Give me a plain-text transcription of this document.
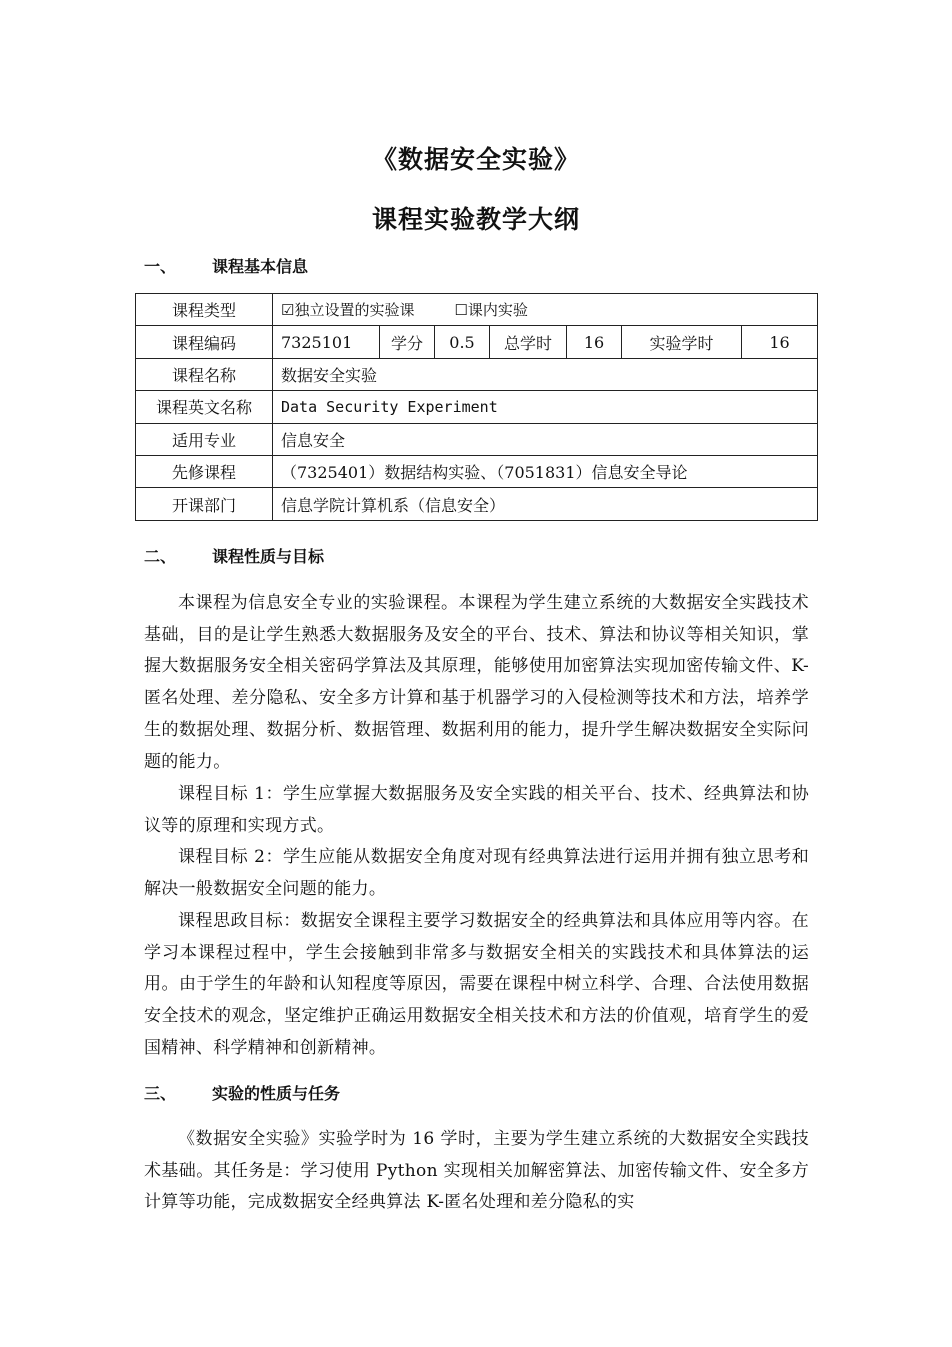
《数据安全实验》
课程实验教学大纲
一、 课程基本信息
课程类型	☑独立设置的实验课 ☐课内实验						
课程编码	7325101	学分	0.5	总学时	16	实验学时	16
课程名称	数据安全实验						
课程英文名称	Data Security Experiment						
适用专业	信息安全						
先修课程	（7325401）数据结构实验、（7051831）信息安全导论						
开课部门	信息学院计算机系（信息安全）						
二、 课程性质与目标

本课程为信息安全专业的实验课程。本课程为学生建立系统的大数据安全实践技术基础，目的是让学生熟悉大数据服务及安全的平台、技术、算法和协议等相关知识，掌握大数据服务安全相关密码学算法及其原理，能够使用加密算法实现加密传输文件、K-匿名处理、差分隐私、安全多方计算和基于机器学习的入侵检测等技术和方法，培养学生的数据处理、数据分析、数据管理、数据利用的能力，提升学生解决数据安全实际问题的能力。

课程目标 1：学生应掌握大数据服务及安全实践的相关平台、技术、经典算法和协议等的原理和实现方式。

课程目标 2：学生应能从数据安全角度对现有经典算法进行运用并拥有独立思考和解决一般数据安全问题的能力。

课程思政目标：数据安全课程主要学习数据安全的经典算法和具体应用等内容。在学习本课程过程中，学生会接触到非常多与数据安全相关的实践技术和具体算法的运用。由于学生的年龄和认知程度等原因，需要在课程中树立科学、合理、合法使用数据安全技术的观念，坚定维护正确运用数据安全相关技术和方法的价值观，培育学生的爱国精神、科学精神和创新精神。

三、 实验的性质与任务

《数据安全实验》实验学时为 16 学时，主要为学生建立系统的大数据安全实践技术基础。其任务是：学习使用 Python 实现相关加解密算法、加密传输文件、安全多方计算等功能，完成数据安全经典算法 K-匿名处理和差分隐私的实
